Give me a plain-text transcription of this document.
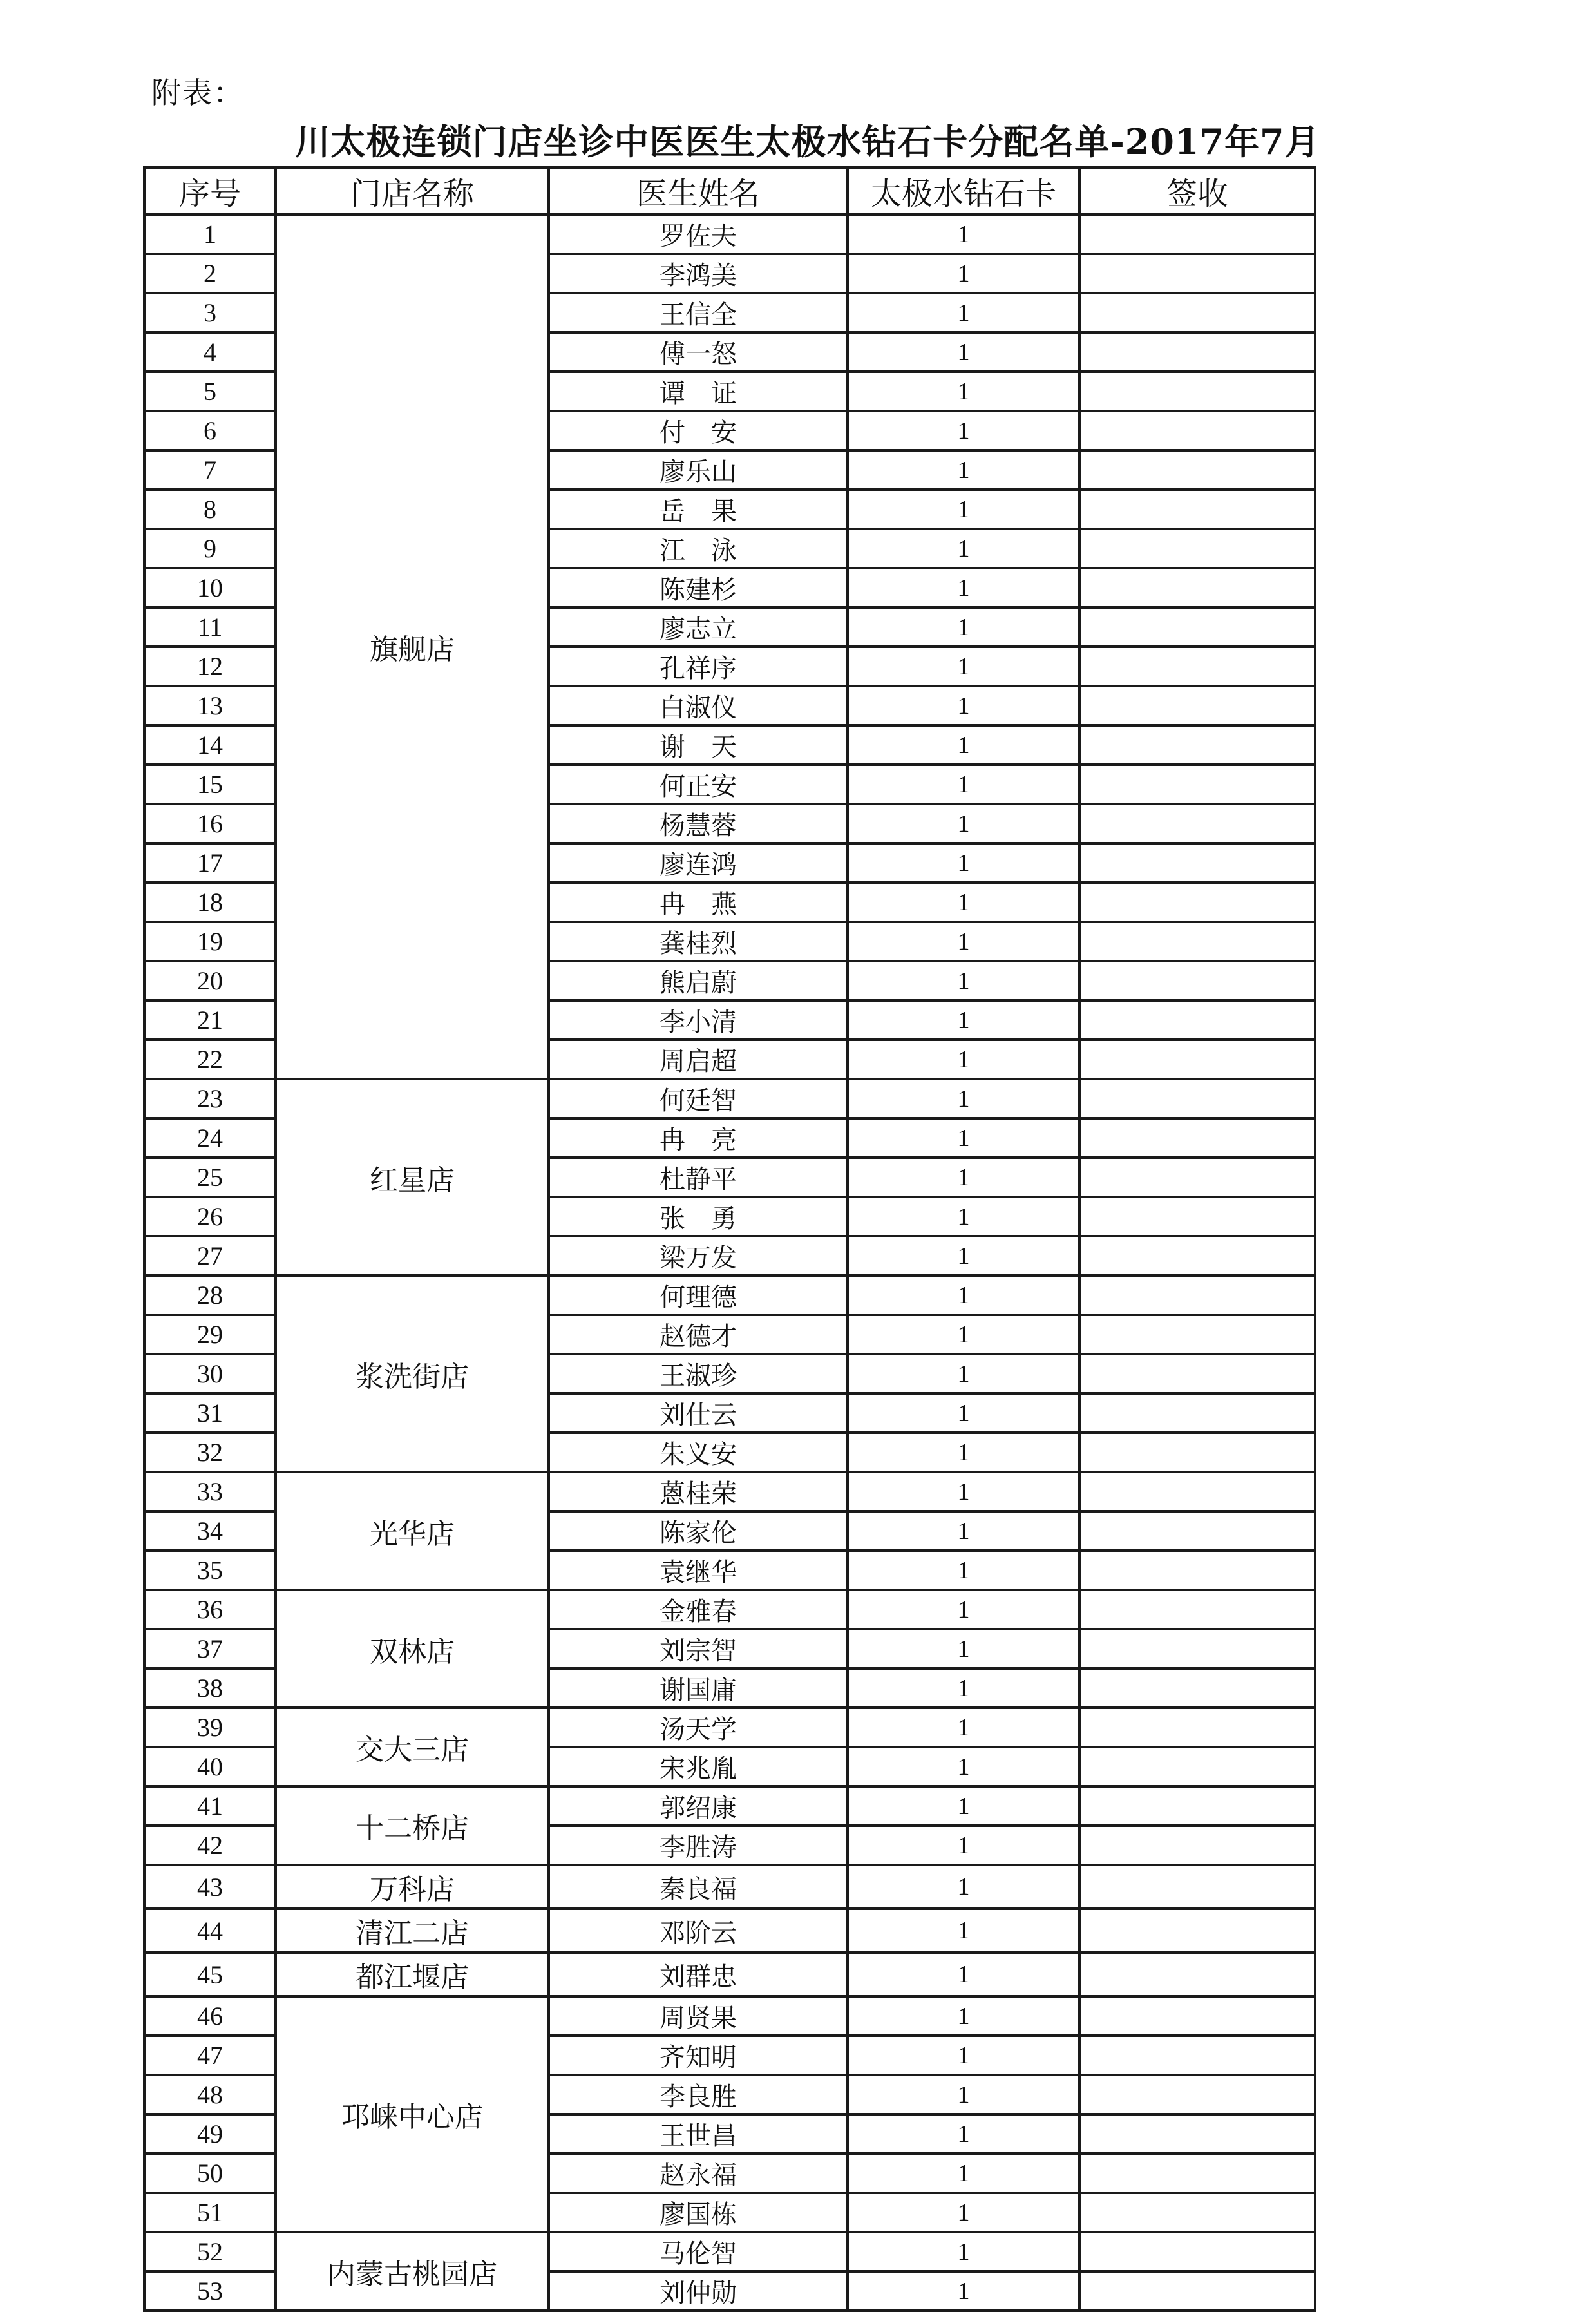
附表：
川太极连锁门店坐诊中医医生太极水钻石卡分配名单-2017年7月
序号	门店名称	医生姓名	太极水钻石卡	签收
1	旗舰店	罗佐夫	1	
2		李鸿美	1	
3		王信全	1	
4		傅一怒	1	
5		谭　证	1	
6		付　安	1	
7		廖乐山	1	
8		岳　果	1	
9		江　泳	1	
10		陈建杉	1	
11		廖志立	1	
12		孔祥序	1	
13		白淑仪	1	
14		谢　天	1	
15		何正安	1	
16		杨慧蓉	1	
17		廖连鸿	1	
18		冉　燕	1	
19		龚桂烈	1	
20		熊启蔚	1	
21		李小清	1	
22		周启超	1	
23	红星店	何廷智	1	
24		冉　亮	1	
25		杜静平	1	
26		张　勇	1	
27		梁万发	1	
28	浆洗街店	何理德	1	
29		赵德才	1	
30		王淑珍	1	
31		刘仕云	1	
32		朱义安	1	
33	光华店	蒽桂荣	1	
34		陈家伦	1	
35		袁继华	1	
36	双林店	金雅春	1	
37		刘宗智	1	
38		谢国庸	1	
39	交大三店	汤天学	1	
40		宋兆胤	1	
41	十二桥店	郭绍康	1	
42		李胜涛	1	
43	万科店	秦良福	1	
44	清江二店	邓阶云	1	
45	都江堰店	刘群忠	1	
46	邛崃中心店	周贤果	1	
47		齐知明	1	
48		李良胜	1	
49		王世昌	1	
50		赵永福	1	
51		廖国栋	1	
52	内蒙古桃园店	马伦智	1	
53		刘仲勋	1	
